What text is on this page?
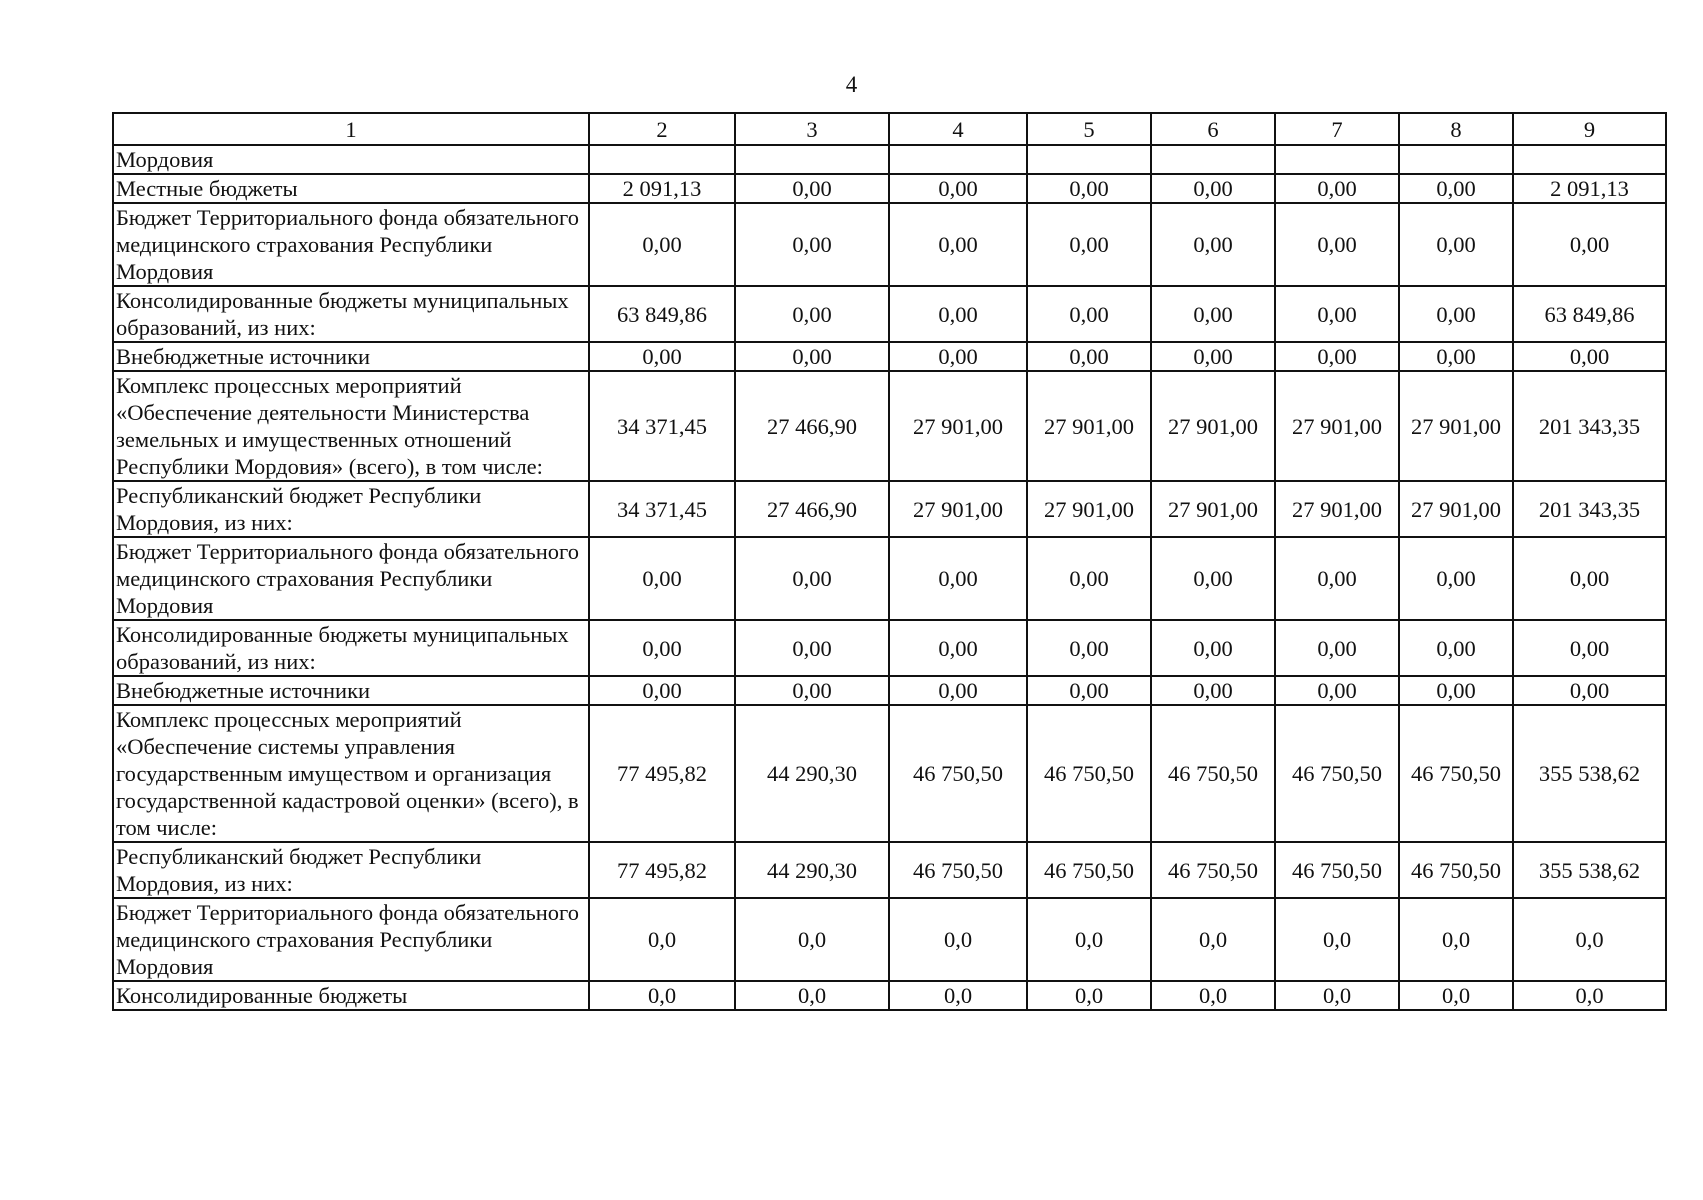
4
1	2	3	4	5	6	7	8	9
Мордовия								
Местные бюджеты	2 091,13	0,00	0,00	0,00	0,00	0,00	0,00	2 091,13
Бюджет Территориального фонда обязательного медицинского страхования Республики Мордовия	0,00	0,00	0,00	0,00	0,00	0,00	0,00	0,00
Консолидированные бюджеты муниципальных образований, из них:	63 849,86	0,00	0,00	0,00	0,00	0,00	0,00	63 849,86
Внебюджетные источники	0,00	0,00	0,00	0,00	0,00	0,00	0,00	0,00
Комплекс процессных мероприятий «Обеспечение деятельности Министерства земельных и имущественных отношений Республики Мордовия» (всего), в том числе:	34 371,45	27 466,90	27 901,00	27 901,00	27 901,00	27 901,00	27 901,00	201 343,35
Республиканский бюджет Республики Мордовия, из них:	34 371,45	27 466,90	27 901,00	27 901,00	27 901,00	27 901,00	27 901,00	201 343,35
Бюджет Территориального фонда обязательного медицинского страхования Республики Мордовия	0,00	0,00	0,00	0,00	0,00	0,00	0,00	0,00
Консолидированные бюджеты муниципальных образований, из них:	0,00	0,00	0,00	0,00	0,00	0,00	0,00	0,00
Внебюджетные источники	0,00	0,00	0,00	0,00	0,00	0,00	0,00	0,00
Комплекс процессных мероприятий «Обеспечение системы управления государственным имуществом и организация государственной кадастровой оценки» (всего), в том числе:	77 495,82	44 290,30	46 750,50	46 750,50	46 750,50	46 750,50	46 750,50	355 538,62
Республиканский бюджет Республики Мордовия, из них:	77 495,82	44 290,30	46 750,50	46 750,50	46 750,50	46 750,50	46 750,50	355 538,62
Бюджет Территориального фонда обязательного медицинского страхования Республики Мордовия	0,0	0,0	0,0	0,0	0,0	0,0	0,0	0,0
Консолидированные бюджеты	0,0	0,0	0,0	0,0	0,0	0,0	0,0	0,0
